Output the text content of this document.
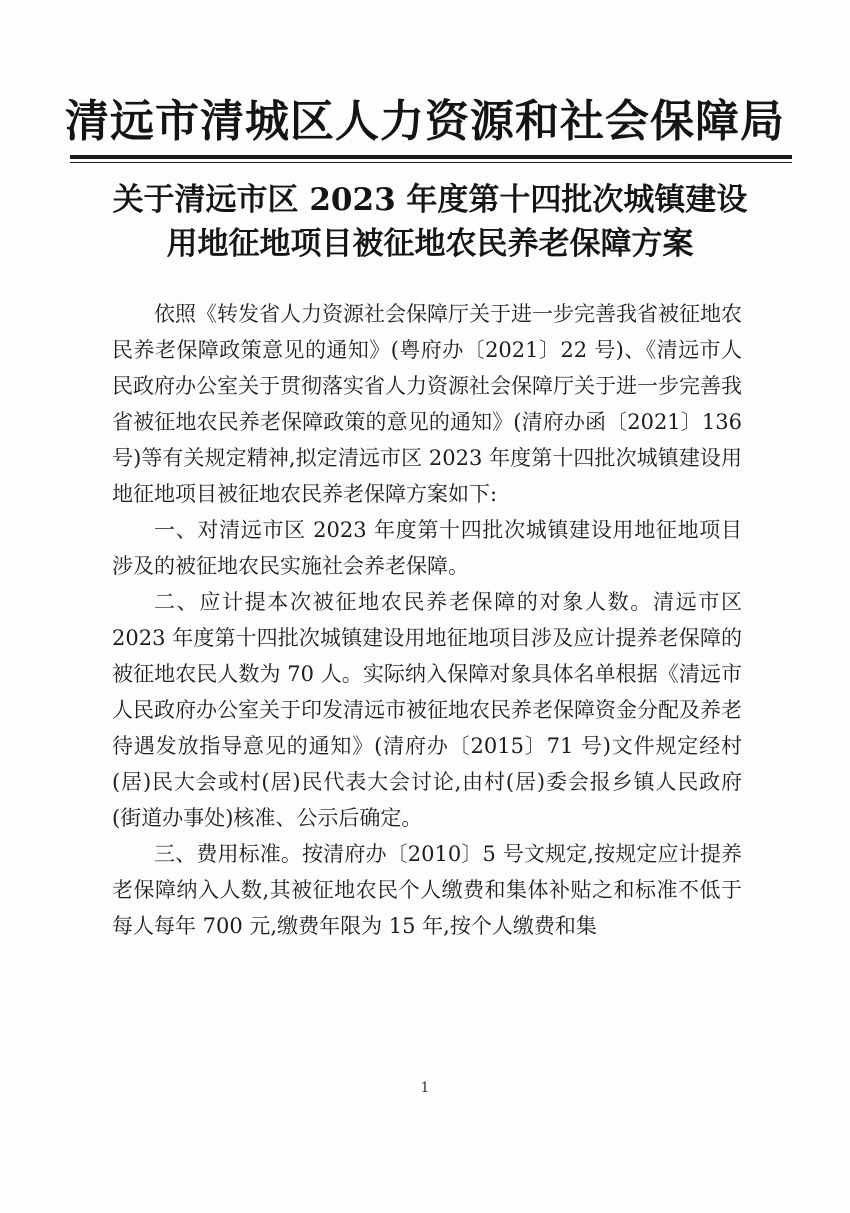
清远市清城区人力资源和社会保障局
关于清远市区 2023 年度第十四批次城镇建设
用地征地项目被征地农民养老保障方案

依照《转发省人力资源社会保障厅关于进一步完善我省被征地农民养老保障政策意见的通知》(粤府办〔2021〕22 号)、《清远市人民政府办公室关于贯彻落实省人力资源社会保障厅关于进一步完善我省被征地农民养老保障政策的意见的通知》(清府办函〔2021〕136 号)等有关规定精神,拟定清远市区 2023 年度第十四批次城镇建设用地征地项目被征地农民养老保障方案如下:

一、对清远市区 2023 年度第十四批次城镇建设用地征地项目涉及的被征地农民实施社会养老保障。

二、应计提本次被征地农民养老保障的对象人数。清远市区 2023 年度第十四批次城镇建设用地征地项目涉及应计提养老保障的被征地农民人数为 70 人。实际纳入保障对象具体名单根据《清远市人民政府办公室关于印发清远市被征地农民养老保障资金分配及养老待遇发放指导意见的通知》(清府办〔2015〕71 号)文件规定经村(居)民大会或村(居)民代表大会讨论,由村(居)委会报乡镇人民政府(街道办事处)核准、公示后确定。

三、费用标准。按清府办〔2010〕5 号文规定,按规定应计提养老保障纳入人数,其被征地农民个人缴费和集体补贴之和标准不低于每人每年 700 元,缴费年限为 15 年,按个人缴费和集

1
